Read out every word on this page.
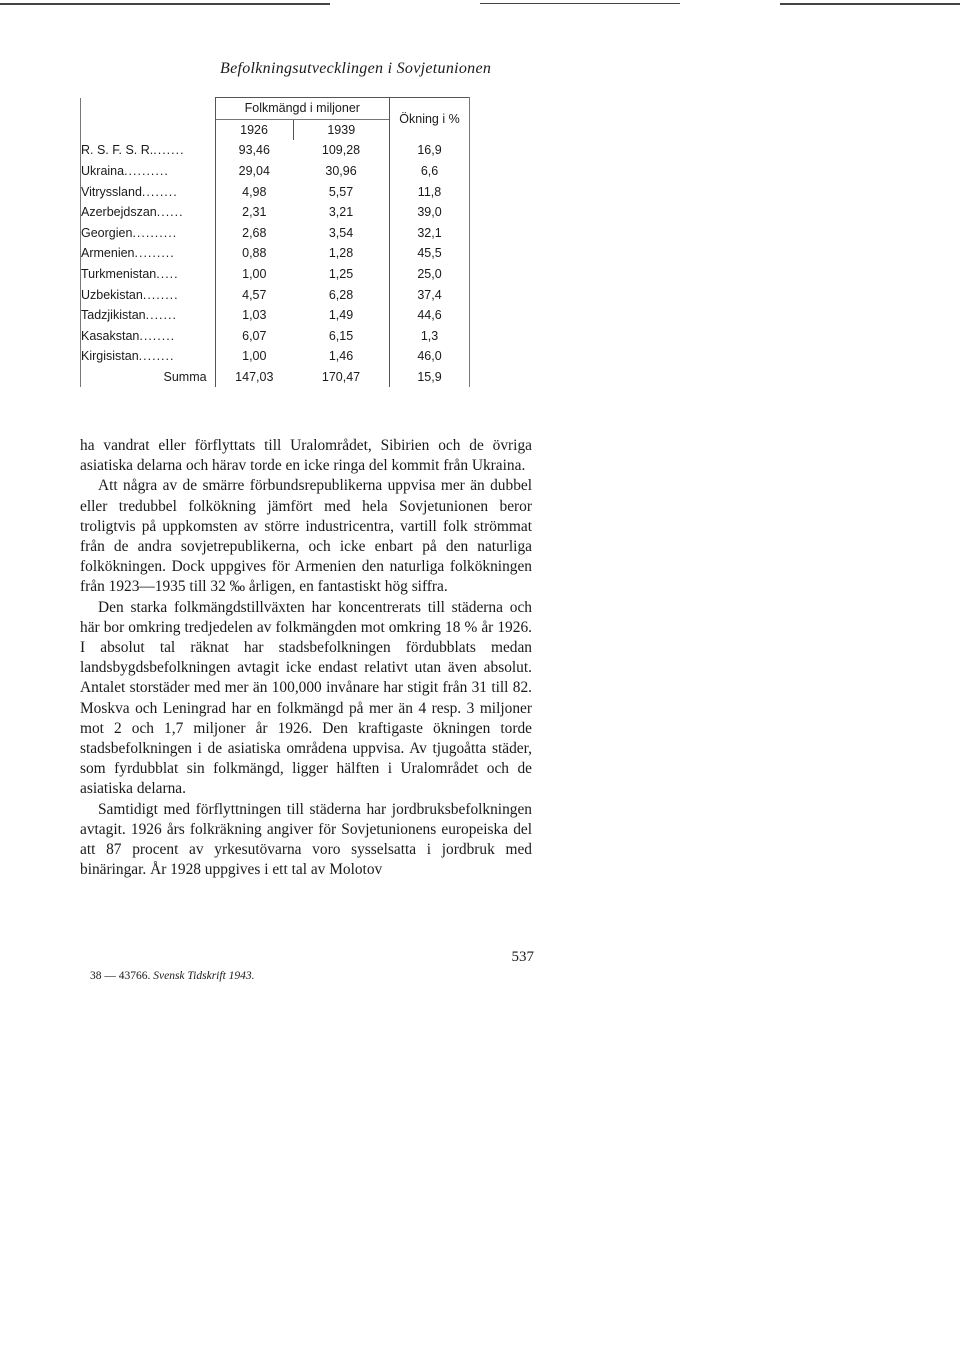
Befolkningsutvecklingen i Sovjetunionen
	Folkmängd i miljoner		Ökning i %
	1926	1939	
R. S. F. S. R........	93,46	109,28	16,9
Ukraina..........	29,04	30,96	6,6
Vitryssland........	4,98	5,57	11,8
Azerbejdszan......	2,31	3,21	39,0
Georgien..........	2,68	3,54	32,1
Armenien.........	0,88	1,28	45,5
Turkmenistan.....	1,00	1,25	25,0
Uzbekistan........	4,57	6,28	37,4
Tadzjikistan.......	1,03	1,49	44,6
Kasakstan........	6,07	6,15	1,3
Kirgisistan........	1,00	1,46	46,0
Summa	147,03	170,47	15,9

ha vandrat eller förflyttats till Uralområdet, Sibirien och de övriga asiatiska delarna och härav torde en icke ringa del kommit från Ukraina.

Att några av de smärre förbundsrepublikerna uppvisa mer än dubbel eller tredubbel folkökning jämfört med hela Sovjetunionen beror troligtvis på uppkomsten av större industricentra, vartill folk strömmat från de andra sovjetrepublikerna, och icke enbart på den naturliga folkökningen. Dock uppgives för Armenien den naturliga folkökningen från 1923—1935 till 32 ‰ årligen, en fantastiskt hög siffra.

Den starka folkmängdstillväxten har koncentrerats till städerna och här bor omkring tredjedelen av folkmängden mot omkring 18 % år 1926. I absolut tal räknat har stadsbefolkningen fördubblats medan landsbygdsbefolkningen avtagit icke endast relativt utan även absolut. Antalet storstäder med mer än 100,000 invånare har stigit från 31 till 82. Moskva och Leningrad har en folkmängd på mer än 4 resp. 3 miljoner mot 2 och 1,7 miljoner år 1926. Den kraftigaste ökningen torde stadsbefolkningen i de asiatiska områdena uppvisa. Av tjugoåtta städer, som fyrdubblat sin folkmängd, ligger hälften i Uralområdet och de asiatiska delarna.

Samtidigt med förflyttningen till städerna har jordbruksbefolkningen avtagit. 1926 års folkräkning angiver för Sovjetunionens europeiska del att 87 procent av yrkesutövarna voro sysselsatta i jordbruk med binäringar. År 1928 uppgives i ett tal av Molotov

537
38 — 43766. Svensk Tidskrift 1943.
